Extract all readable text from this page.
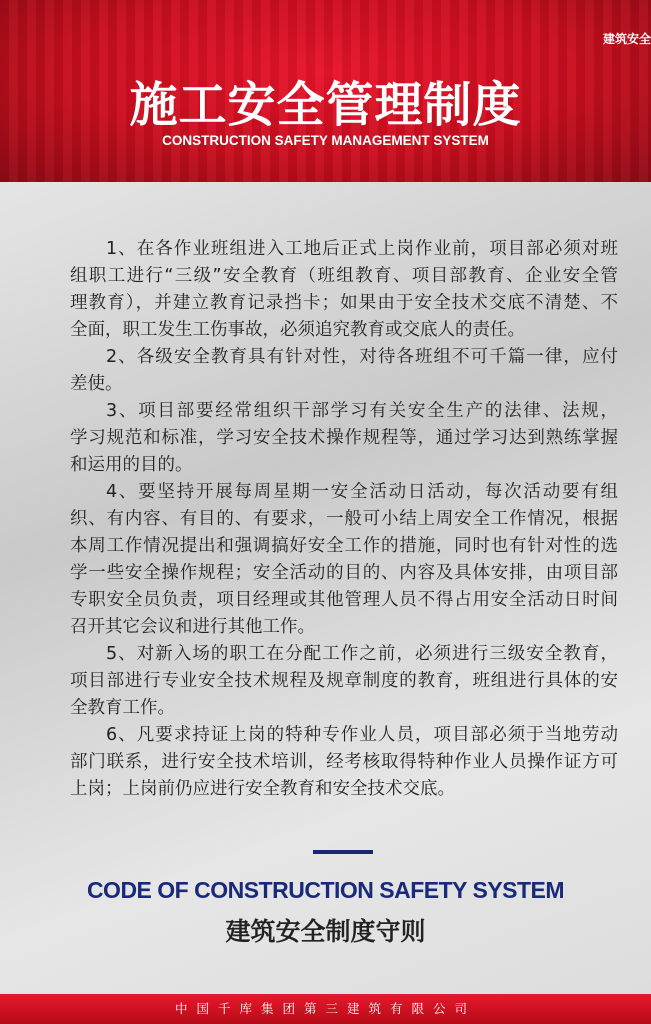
建筑安全
施工安全管理制度
CONSTRUCTION SAFETY MANAGEMENT SYSTEM
1、在各作业班组进入工地后正式上岗作业前，项目部必须对班
组职工进行“三级”安全教育（班组教育、项目部教育、企业安全管
理教育），并建立教育记录挡卡；如果由于安全技术交底不清楚、不
全面，职工发生工伤事故，必须追究教育或交底人的责任。
2、各级安全教育具有针对性，对待各班组不可千篇一律，应付
差使。
3、项目部要经常组织干部学习有关安全生产的法律、法规，
学习规范和标准，学习安全技术操作规程等，通过学习达到熟练掌握
和运用的目的。
4、要坚持开展每周星期一安全活动日活动，每次活动要有组
织、有内容、有目的、有要求，一般可小结上周安全工作情况，根据
本周工作情况提出和强调搞好安全工作的措施，同时也有针对性的选
学一些安全操作规程；安全活动的目的、内容及具体安排，由项目部
专职安全员负责，项目经理或其他管理人员不得占用安全活动日时间
召开其它会议和进行其他工作。
5、对新入场的职工在分配工作之前，必须进行三级安全教育，
项目部进行专业安全技术规程及规章制度的教育，班组进行具体的安
全教育工作。
6、凡要求持证上岗的特种专作业人员，项目部必须于当地劳动
部门联系，进行安全技术培训，经考核取得特种作业人员操作证方可
上岗；上岗前仍应进行安全教育和安全技术交底。
CODE OF CONSTRUCTION SAFETY SYSTEM
建筑安全制度守则
中国千库集团第三建筑有限公司
